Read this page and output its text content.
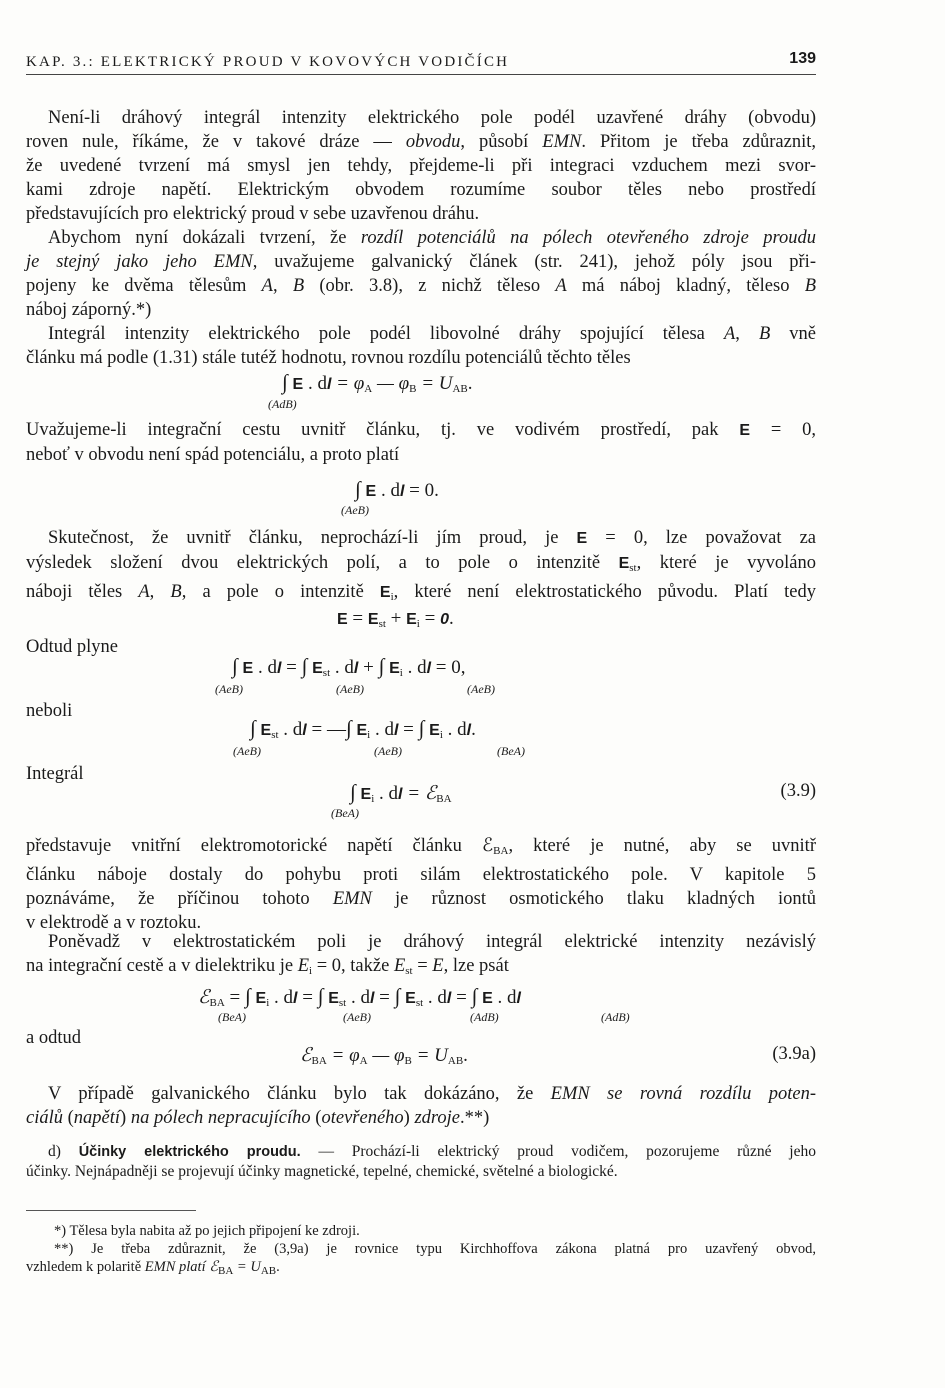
KAP. 3.: ELEKTRICKÝ PROUD V KOVOVÝCH VODIČÍCH	139
Není-li dráhový integrál intenzity elektrického pole podél uzavřené dráhy (obvodu)
roven nule, říkáme, že v takové dráze — obvodu, působí EMN. Přitom je třeba zdůraznit,
že uvedené tvrzení má smysl jen tehdy, přejdeme-li při integraci vzduchem mezi svor-
kami zdroje napětí. Elektrickým obvodem rozumíme soubor těles nebo prostředí
představujících pro elektrický proud v sebe uzavřenou dráhu.
Abychom nyní dokázali tvrzení, že rozdíl potenciálů na pólech otevřeného zdroje proudu
je stejný jako jeho EMN, uvažujeme galvanický článek (str. 241), jehož póly jsou při-
pojeny ke dvěma tělesům A, B (obr. 3.8), z nichž těleso A má náboj kladný, těleso B
náboj záporný.*)
Integrál intenzity elektrického pole podél libovolné dráhy spojující tělesa A, B vně
článku má podle (1.31) stále tutéž hodnotu, rovnou rozdílu potenciálů těchto těles
∫ E . dl = $\varphi_A$ — $\varphi_B = U_{AB}$.
(AdB)
Uvažujeme-li integrační cestu uvnitř článku, tj. ve vodivém prostředí, pak E = 0,
neboť v obvodu není spád potenciálu, a proto platí
∫ E . dl = 0.
(AeB)
Skutečnost, že uvnitř článku, neprochází-li jím proud, je E = 0, lze považovat za
výsledek složení dvou elektrických polí, a to pole o intenzitě $E_{st}$, které je vyvoláno
náboji těles A, B, a pole o intenzitě $E_i$, které není elektrostatického původu. Platí tedy
$E = E_{st} + E_i = 0$.
Odtud plyne
∫ E . dl = ∫ $E_{st}$ . dl + ∫ $E_i$ . dl = 0,
(AeB)	(AeB)	(AeB)
neboli
∫ $E_{st}$ . dl = —∫ $E_i$ . dl = ∫ $E_i$ . dl.
(AeB)	(AeB)	(BeA)
Integrál
∫ $E_i$ . dl = ℰ$_{BA}$
(BeA)
(3.9)
představuje vnitřní elektromotorické napětí článku ℰ$_{BA}$, které je nutné, aby se uvnitř
článku náboje dostaly do pohybu proti silám elektrostatického pole. V kapitole 5
poznáváme, že příčinou tohoto EMN je různost osmotického tlaku kladných iontů
v elektrodě a v roztoku.
Poněvadž v elektrostatickém poli je dráhový integrál elektrické intenzity nezávislý
na integrační cestě a v dielektriku je $E_i = 0$, takže $E_{st} = E$, lze psát
ℰ$_{BA}$ = ∫ $E_i$ . dl = ∫ $E_{st}$ . dl = ∫ $E_{st}$ . dl = ∫ E . dl
(BeA)	(AeB)	(AdB)	(AdB)
a odtud
ℰ$_{BA}$ = $\varphi_A$ — $\varphi_B = U_{AB}$.	(3.9a)
V případě galvanického článku bylo tak dokázáno, že EMN se rovná rozdílu poten-
ciálů (napětí) na pólech nepracujícího (otevřeného) zdroje.**)
d) Účinky elektrického proudu. — Prochází-li elektrický proud vodičem, pozorujeme různé jeho
účinky. Nejnápadněji se projevují účinky magnetické, tepelné, chemické, světelné a biologické.
*) Tělesa byla nabita až po jejich připojení ke zdroji.
**) Je třeba zdůraznit, že (3,9a) je rovnice typu Kirchhoffova zákona platná pro uzavřený obvod,
vzhledem k polaritě EMN platí ℰ$_{BA}$ = $U_{AB}$.
